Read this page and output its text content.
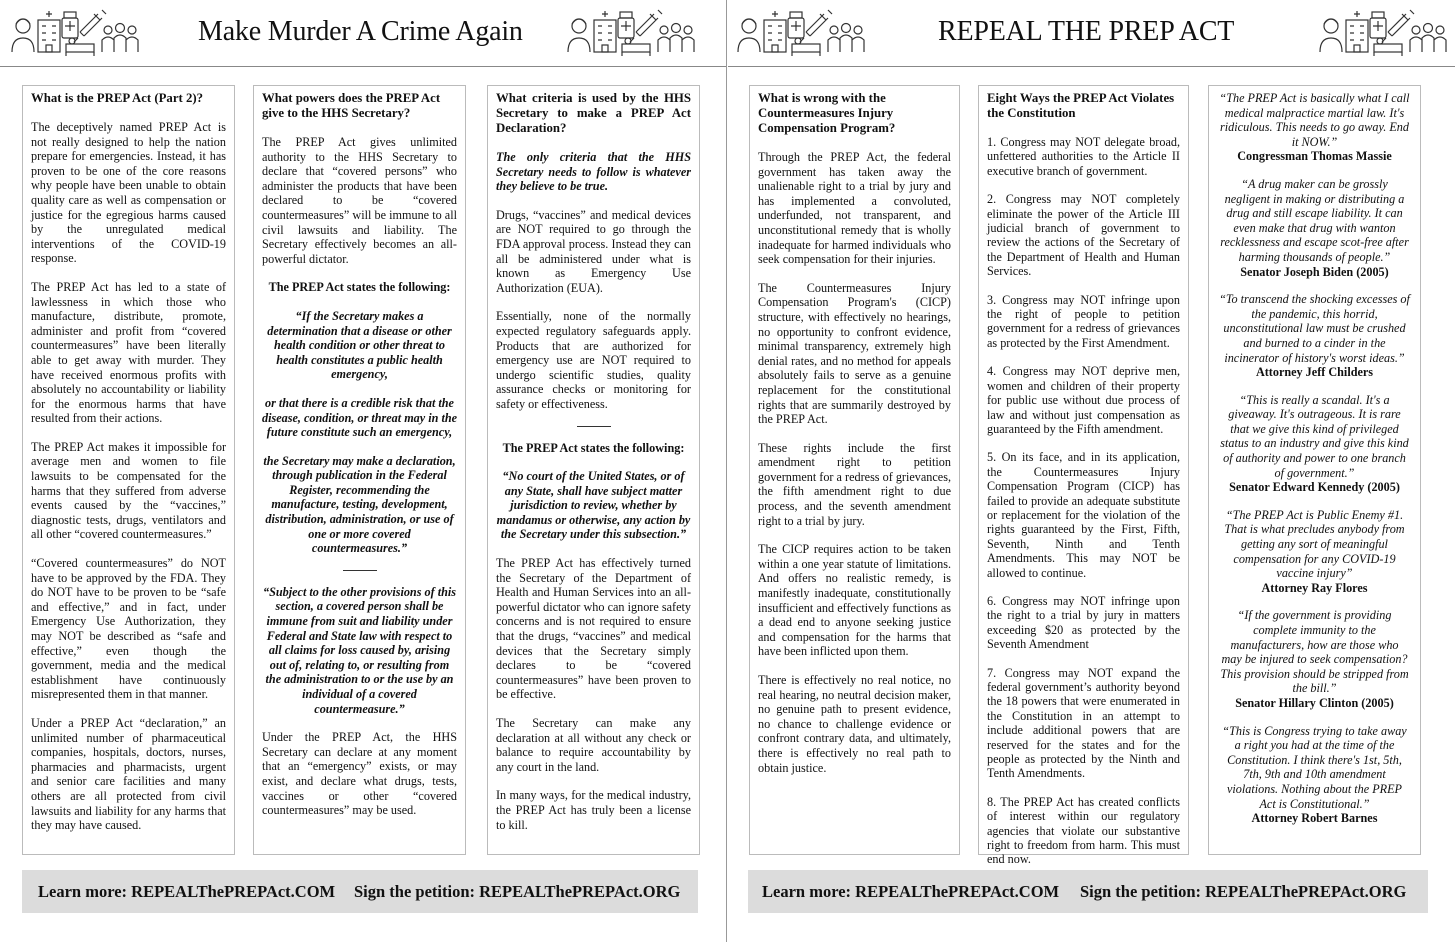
Make Murder A Crime Again
What is the PREP Act (Part 2)?

The deceptively named PREP Act is not really designed to help the nation prepare for emergencies. Instead, it has proven to be one of the core reasons why people have been unable to obtain quality care as well as compensation or justice for the egregious harms caused by the unregulated medical interventions of the COVID-19 response.

The PREP Act has led to a state of lawlessness in which those who manufacture, distribute, promote, administer and profit from “covered countermeasures” have been literally able to get away with murder. They have received enormous profits with absolutely no accountability or liability for the enormous harms that have resulted from their actions.

The PREP Act makes it impossible for average men and women to file lawsuits to be compensated for the harms that they suffered from adverse events caused by the “vaccines,” diagnostic tests, drugs, ventilators and all other “covered countermeasures.”

“Covered countermeasures” do NOT have to be approved by the FDA. They do NOT have to be proven to be “safe and effective,” and in fact, under Emergency Use Authorization, they may NOT be described as “safe and effective,” even though the government, media and the medical establishment have continuously misrepresented them in that manner.

Under a PREP Act “declaration,” an unlimited number of pharmaceutical companies, hospitals, doctors, nurses, pharmacies and pharmacists, urgent and senior care facilities and many others are all protected from civil lawsuits and liability for any harms that they may have caused.

What powers does the PREP Act give to the HHS Secretary?

The PREP Act gives unlimited authority to the HHS Secretary to declare that “covered persons” who administer the products that have been declared to be “covered countermeasures” will be immune to all civil lawsuits and liability. The Secretary effectively becomes an all-powerful dictator.

The PREP Act states the following:

“If the Secretary makes a determination that a disease or other health condition or other threat to health constitutes a public health emergency,

or that there is a credible risk that the disease, condition, or threat may in the future constitute such an emergency,

the Secretary may make a declaration, through publication in the Federal Register, recommending the manufacture, testing, development, distribution, administration, or use of one or more covered countermeasures.”

“Subject to the other provisions of this section, a covered person shall be immune from suit and liability under Federal and State law with respect to all claims for loss caused by, arising out of, relating to, or resulting from the administration to or the use by an individual of a covered countermeasure.”

Under the PREP Act, the HHS Secretary can declare at any moment that an “emergency” exists, or may exist, and declare what drugs, tests, vaccines or other “covered countermeasures” may be used.

What criteria is used by the HHS Secretary to make a PREP Act Declaration?

The only criteria that the HHS Secretary needs to follow is whatever they believe to be true.

Drugs, “vaccines” and medical devices are NOT required to go through the FDA approval process. Instead they can all be administered under what is known as Emergency Use Authorization (EUA).

Essentially, none of the normally expected regulatory safeguards apply. Products that are authorized for emergency use are NOT required to undergo scientific studies, quality assurance checks or monitoring for safety or effectiveness.

The PREP Act states the following:

“No court of the United States, or of any State, shall have subject matter jurisdiction to review, whether by mandamus or otherwise, any action by the Secretary under this subsection.”

The PREP Act has effectively turned the Secretary of the Department of Health and Human Services into an all-powerful dictator who can ignore safety concerns and is not required to ensure that the drugs, “vaccines” and medical devices that the Secretary simply declares to be “covered countermeasures” have been proven to be effective.

The Secretary can make any declaration at all without any check or balance to require accountability by any court in the land.

In many ways, for the medical industry, the PREP Act has truly been a license to kill.

Learn more: REPEALThePREPAct.COM Sign the petition: REPEALThePREPAct.ORG
REPEAL THE PREP ACT
What is wrong with the Countermeasures Injury Compensation Program?

Through the PREP Act, the federal government has taken away the unalienable right to a trial by jury and has implemented a convoluted, underfunded, not transparent, and unconstitutional remedy that is wholly inadequate for harmed individuals who seek compensation for their injuries.

The Countermeasures Injury Compensation Program's (CICP) structure, with effectively no hearings, no opportunity to confront evidence, minimal transparency, extremely high denial rates, and no method for appeals absolutely fails to serve as a genuine replacement for the constitutional rights that are summarily destroyed by the PREP Act.

These rights include the first amendment right to petition government for a redress of grievances, the fifth amendment right to due process, and the seventh amendment right to a trial by jury.

The CICP requires action to be taken within a one year statute of limitations. And offers no realistic remedy, is manifestly inadequate, constitutionally insufficient and effectively functions as a dead end to anyone seeking justice and compensation for the harms that have been inflicted upon them.

There is effectively no real notice, no real hearing, no neutral decision maker, no genuine path to present evidence, no chance to challenge evidence or confront contrary data, and ultimately, there is effectively no real path to obtain justice.

Eight Ways the PREP Act Violates the Constitution

1. Congress may NOT delegate broad, unfettered authorities to the Article II executive branch of government.

2. Congress may NOT completely eliminate the power of the Article III judicial branch of government to review the actions of the Secretary of the Department of Health and Human Services.

3. Congress may NOT infringe upon the right of people to petition government for a redress of grievances as protected by the First Amendment.

4. Congress may NOT deprive men, women and children of their property for public use without due process of law and without just compensation as guaranteed by the Fifth amendment.

5. On its face, and in its application, the Countermeasures Injury Compensation Program (CICP) has failed to provide an adequate substitute or replacement for the violation of the rights guaranteed by the First, Fifth, Seventh, Ninth and Tenth Amendments. This may NOT be allowed to continue.

6. Congress may NOT infringe upon the right to a trial by jury in matters exceeding $20 as protected by the Seventh Amendment

7. Congress may NOT expand the federal government’s authority beyond the 18 powers that were enumerated in the Constitution in an attempt to include additional powers that are reserved for the states and for the people as protected by the Ninth and Tenth Amendments.

8. The PREP Act has created conflicts of interest within our regulatory agencies that violate our substantive right to freedom from harm. This must end now.

“The PREP Act is basically what I call medical malpractice martial law. It's ridiculous. This needs to go away. End it NOW.”
Congressman Thomas Massie
“A drug maker can be grossly negligent in making or distributing a drug and still escape liability. It can even make that drug with wanton recklessness and escape scot-free after harming thousands of people.”
Senator Joseph Biden (2005)
“To transcend the shocking excesses of the pandemic, this horrid, unconstitutional law must be crushed and burned to a cinder in the incinerator of history's worst ideas.”
Attorney Jeff Childers
“This is really a scandal. It's a giveaway. It's outrageous. It is rare that we give this kind of privileged status to an industry and give this kind of authority and power to one branch of government.”
Senator Edward Kennedy (2005)
“The PREP Act is Public Enemy #1. That is what precludes anybody from getting any sort of meaningful compensation for any COVID-19 vaccine injury”
Attorney Ray Flores
“If the government is providing complete immunity to the manufacturers, how are those who may be injured to seek compensation? This provision should be stripped from the bill.”
Senator Hillary Clinton (2005)
“This is Congress trying to take away a right you had at the time of the Constitution. I think there's 1st, 5th, 7th, 9th and 10th amendment violations. Nothing about the PREP Act is Constitutional.”
Attorney Robert Barnes
Learn more: REPEALThePREPAct.COM Sign the petition: REPEALThePREPAct.ORG
